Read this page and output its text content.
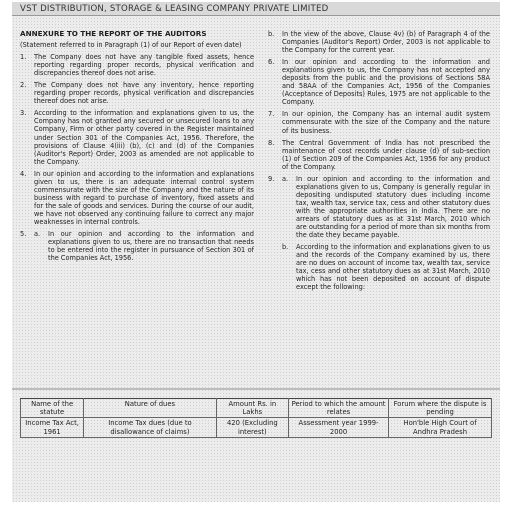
VST DISTRIBUTION, STORAGE & LEASING COMPANY PRIVATE LIMITED

ANNEXURE TO THE REPORT OF THE AUDITORS

(Statement referred to in Paragraph (1) of our Report of even date)

1.	The Company does not have any tangible fixed assets, hence reporting regarding proper records, physical verification and discrepancies thereof does not arise.
2.	The Company does not have any inventory, hence reporting regarding proper records, physical verification and discrepancies thereof does not arise.
3.	According to the information and explanations given to us, the Company has not granted any secured or unsecured loans to any Company, Firm or other party covered in the Register maintained under Section 301 of the Companies Act, 1956. Therefore, the provisions of Clause 4(iii) (b), (c) and (d) of the Companies (Auditor's Report) Order, 2003 as amended are not applicable to the Company.
4.	In our opinion and according to the information and explanations given to us, there is an adequate internal control system commensurate with the size of the Company and the nature of its business with regard to purchase of inventory, fixed assets and for the sale of goods and services. During the course of our audit, we have not observed any continuing failure to correct any major weaknesses in internal controls.
5.	a.	In our opinion and according to the information and explanations given to us, there are no transaction that needs to be entered into the register in pursuance of Section 301 of the Companies Act, 1956.
b.	In the view of the above, Clause 4v) (b) of Paragraph 4 of the Companies (Auditor's Report) Order, 2003 is not applicable to the Company for the current year.
6.	In our opinion and according to the information and explanations given to us, the Company has not accepted any deposits from the public and the provisions of Sections 58A and 58AA of the Companies Act, 1956 of the Companies (Acceptance of Deposits) Rules, 1975 are not applicable to the Company.
7.	In our opinion, the Company has an internal audit system commensurate with the size of the Company and the nature of its business.
8.	The Central Government of India has not prescribed the maintenance of cost records under clause (d) of sub-section (1) of Section 209 of the Companies Act, 1956 for any product of the Company.
9.	a.	In our opinion and according to the information and explanations given to us, Company is generally regular in depositing undisputed statutory dues including income tax, wealth tax, service tax, cess and other statutory dues with the appropriate authorities in India. There are no arrears of statutory dues as at 31st March, 2010 which are outstanding for a period of more than six months from the date they became payable.
b.	According to the information and explanations given to us and the records of the Company examined by us, there are no dues on account of income tax, wealth tax, service tax, cess and other statutory dues as at 31st March, 2010 which has not been deposited on account of dispute except the following:
Name of the statute	Nature of dues	Amount Rs. in Lakhs	Period to which the amount relates	Forum where the dispute is pending
Income Tax Act, 1961	Income Tax dues (due to disallowance of claims)	420 (Excluding interest)	Assessment year 1999-2000	Hon'ble High Court of Andhra Pradesh
